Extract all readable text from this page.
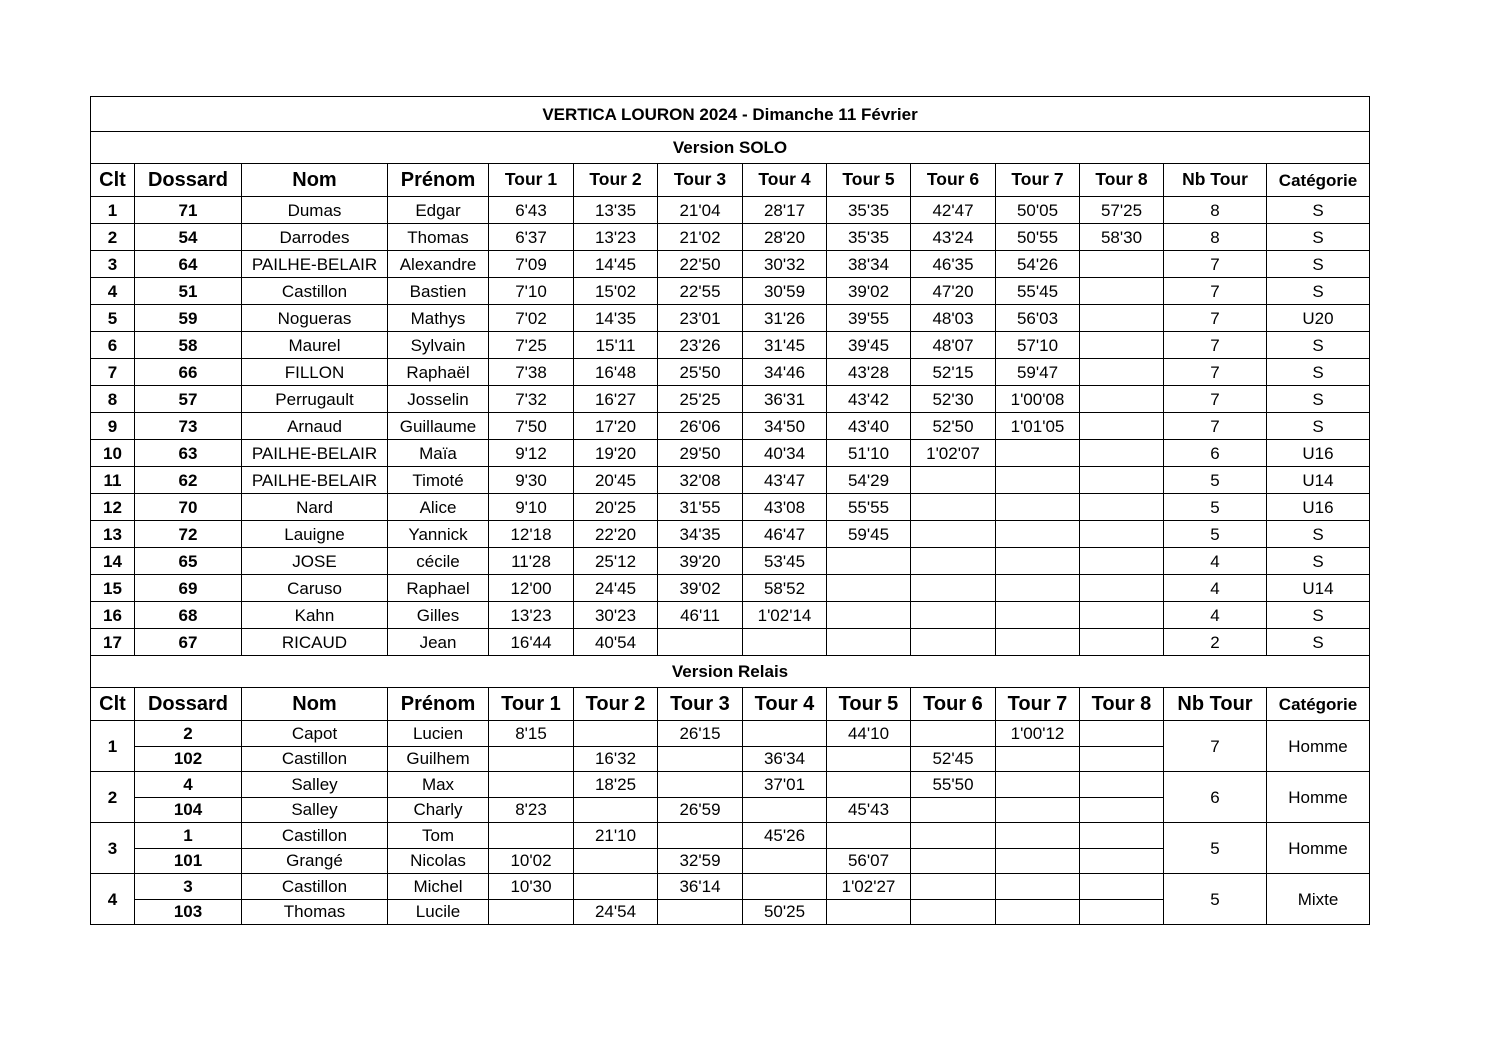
VERTICA LOURON 2024 - Dimanche 11 Février													
Version SOLO													
Clt	Dossard	Nom	Prénom	Tour 1	Tour 2	Tour 3	Tour 4	Tour 5	Tour 6	Tour 7	Tour 8	Nb Tour	Catégorie
1	71	Dumas	Edgar	6'43	13'35	21'04	28'17	35'35	42'47	50'05	57'25	8	S
2	54	Darrodes	Thomas	6'37	13'23	21'02	28'20	35'35	43'24	50'55	58'30	8	S
3	64	PAILHE-BELAIR	Alexandre	7'09	14'45	22'50	30'32	38'34	46'35	54'26		7	S
4	51	Castillon	Bastien	7'10	15'02	22'55	30'59	39'02	47'20	55'45		7	S
5	59	Nogueras	Mathys	7'02	14'35	23'01	31'26	39'55	48'03	56'03		7	U20
6	58	Maurel	Sylvain	7'25	15'11	23'26	31'45	39'45	48'07	57'10		7	S
7	66	FILLON	Raphaël	7'38	16'48	25'50	34'46	43'28	52'15	59'47		7	S
8	57	Perrugault	Josselin	7'32	16'27	25'25	36'31	43'42	52'30	1'00'08		7	S
9	73	Arnaud	Guillaume	7'50	17'20	26'06	34'50	43'40	52'50	1'01'05		7	S
10	63	PAILHE-BELAIR	Maïa	9'12	19'20	29'50	40'34	51'10	1'02'07			6	U16
11	62	PAILHE-BELAIR	Timoté	9'30	20'45	32'08	43'47	54'29				5	U14
12	70	Nard	Alice	9'10	20'25	31'55	43'08	55'55				5	U16
13	72	Lauigne	Yannick	12'18	22'20	34'35	46'47	59'45				5	S
14	65	JOSE	cécile	11'28	25'12	39'20	53'45					4	S
15	69	Caruso	Raphael	12'00	24'45	39'02	58'52					4	U14
16	68	Kahn	Gilles	13'23	30'23	46'11	1'02'14					4	S
17	67	RICAUD	Jean	16'44	40'54							2	S
Version Relais													
Clt	Dossard	Nom	Prénom	Tour 1	Tour 2	Tour 3	Tour 4	Tour 5	Tour 6	Tour 7	Tour 8	Nb Tour	Catégorie
1	2	Capot	Lucien	8'15		26'15		44'10		1'00'12		7	Homme
	102	Castillon	Guilhem		16'32		36'34		52'45				
2	4	Salley	Max		18'25		37'01		55'50			6	Homme
	104	Salley	Charly	8'23		26'59		45'43					
3	1	Castillon	Tom		21'10		45'26					5	Homme
	101	Grangé	Nicolas	10'02		32'59		56'07					
4	3	Castillon	Michel	10'30		36'14		1'02'27				5	Mixte
	103	Thomas	Lucile		24'54		50'25						
